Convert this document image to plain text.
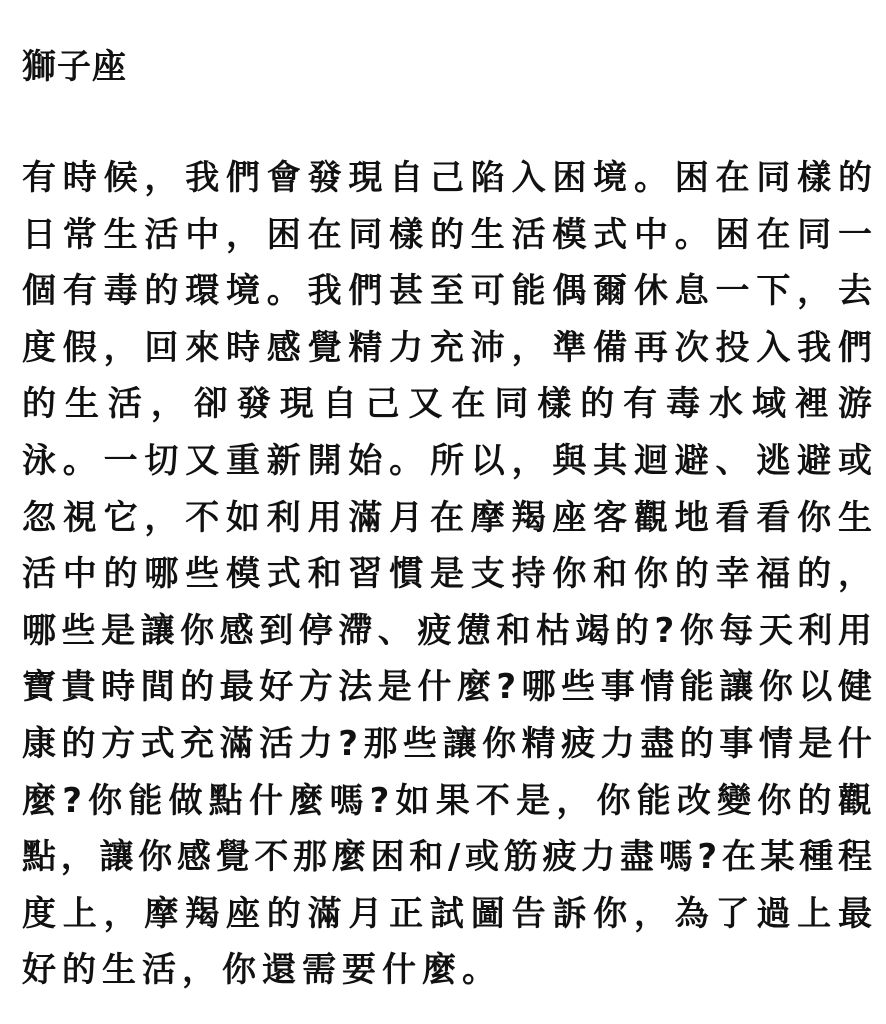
獅子座
有 時 候 ， 我 們 會 發 現 自 己 陷 入 困 境 。 困 在 同 樣 的
日 常 生 活 中 ， 困 在 同 樣 的 生 活 模 式 中 。 困 在 同 一
個 有 毒 的 環 境 。 我 們 甚 至 可 能 偶 爾 休 息 一 下 ， 去
度 假 ， 回 來 時 感 覺 精 力 充 沛 ， 準 備 再 次 投 入 我 們
的 生 活 ， 卻 發 現 自 己 又 在 同 樣 的 有 毒 水 域 裡 游
泳 。 一 切 又 重 新 開 始 。 所 以 ， 與 其 迴 避 、 逃 避 或
忽 視 它 ， 不 如 利 用 滿 月 在 摩 羯 座 客 觀 地 看 看 你 生
活 中 的 哪 些 模 式 和 習 慣 是 支 持 你 和 你 的 幸 福 的 ，
哪 些 是 讓 你 感 到 停 滯 、 疲 憊 和 枯 竭 的 ? 你 每 天 利 用
寶 貴 時 間 的 最 好 方 法 是 什 麼 ? 哪 些 事 情 能 讓 你 以 健
康 的 方 式 充 滿 活 力 ? 那 些 讓 你 精 疲 力 盡 的 事 情 是 什
麼 ? 你 能 做 點 什 麼 嗎 ? 如 果 不 是 ， 你 能 改 變 你 的 觀
點 ， 讓 你 感 覺 不 那 麼 困 和 / 或 筋 疲 力 盡 嗎 ? 在 某 種 程
度 上 ， 摩 羯 座 的 滿 月 正 試 圖 告 訴 你 ， 為 了 過 上 最
好的生活，你還需要什麼。
